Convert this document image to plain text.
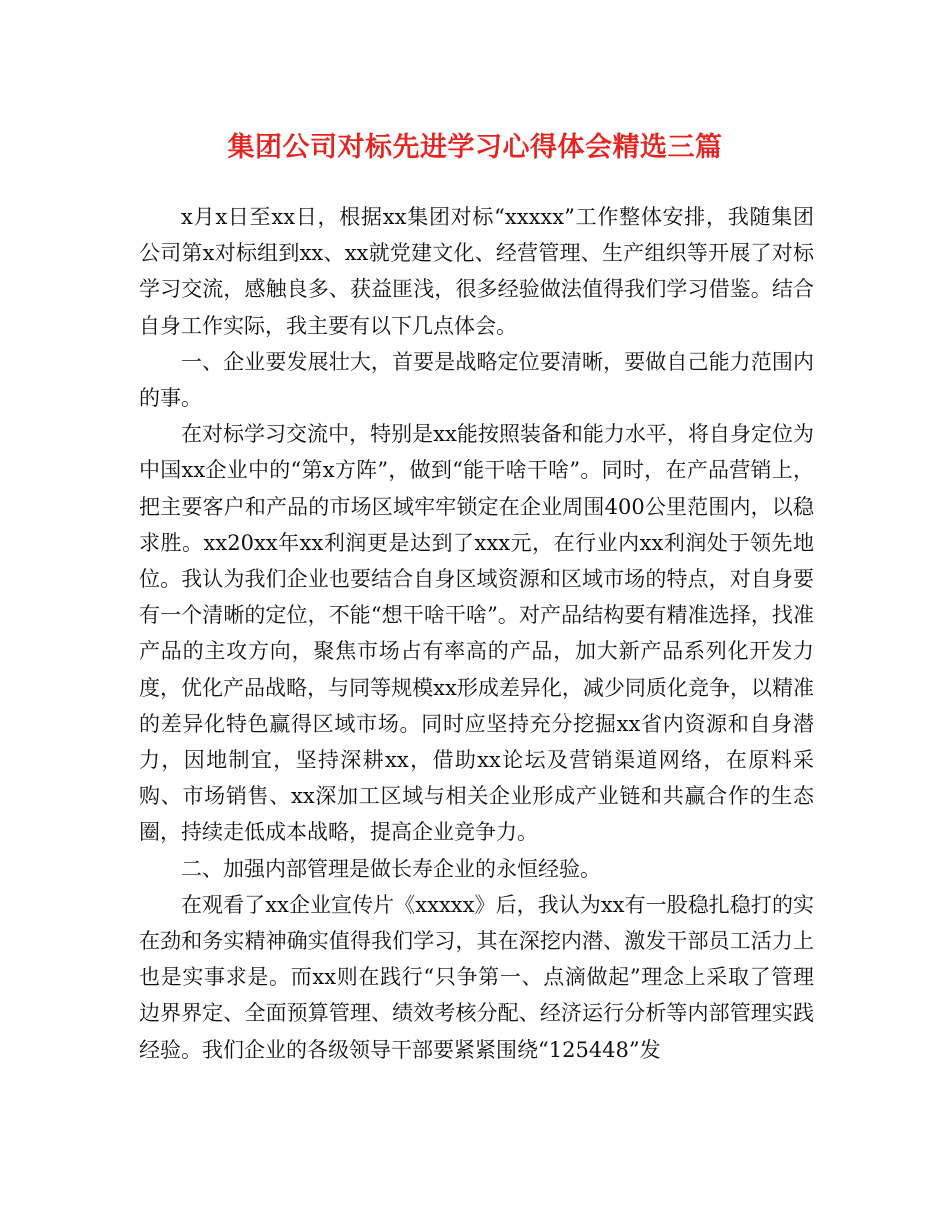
集团公司对标先进学习心得体会精选三篇

x月x日至xx日，根据xx集团对标“xxxxx”工作整体安排，我随集团公司第x对标组到xx、xx就党建文化、经营管理、生产组织等开展了对标学习交流，感触良多、获益匪浅，很多经验做法值得我们学习借鉴。结合自身工作实际，我主要有以下几点体会。

一、企业要发展壮大，首要是战略定位要清晰，要做自己能力范围内的事。

在对标学习交流中，特别是xx能按照装备和能力水平，将自身定位为中国xx企业中的“第x方阵”，做到“能干啥干啥”。同时，在产品营销上，把主要客户和产品的市场区域牢牢锁定在企业周围400公里范围内，以稳求胜。xx20xx年xx利润更是达到了xxx元，在行业内xx利润处于领先地位。我认为我们企业也要结合自身区域资源和区域市场的特点，对自身要有一个清晰的定位，不能“想干啥干啥”。对产品结构要有精准选择，找准产品的主攻方向，聚焦市场占有率高的产品，加大新产品系列化开发力度，优化产品战略，与同等规模xx形成差异化，减少同质化竞争，以精准的差异化特色赢得区域市场。同时应坚持充分挖掘xx省内资源和自身潜力，因地制宜，坚持深耕xx，借助xx论坛及营销渠道网络，在原料采购、市场销售、xx深加工区域与相关企业形成产业链和共赢合作的生态圈，持续走低成本战略，提高企业竞争力。

二、加强内部管理是做长寿企业的永恒经验。

在观看了xx企业宣传片《xxxxx》后，我认为xx有一股稳扎稳打的实在劲和务实精神确实值得我们学习，其在深挖内潜、激发干部员工活力上也是实事求是。而xx则在践行“只争第一、点滴做起”理念上采取了管理边界界定、全面预算管理、绩效考核分配、经济运行分析等内部管理实践经验。我们企业的各级领导干部要紧紧围绕“125448”发
